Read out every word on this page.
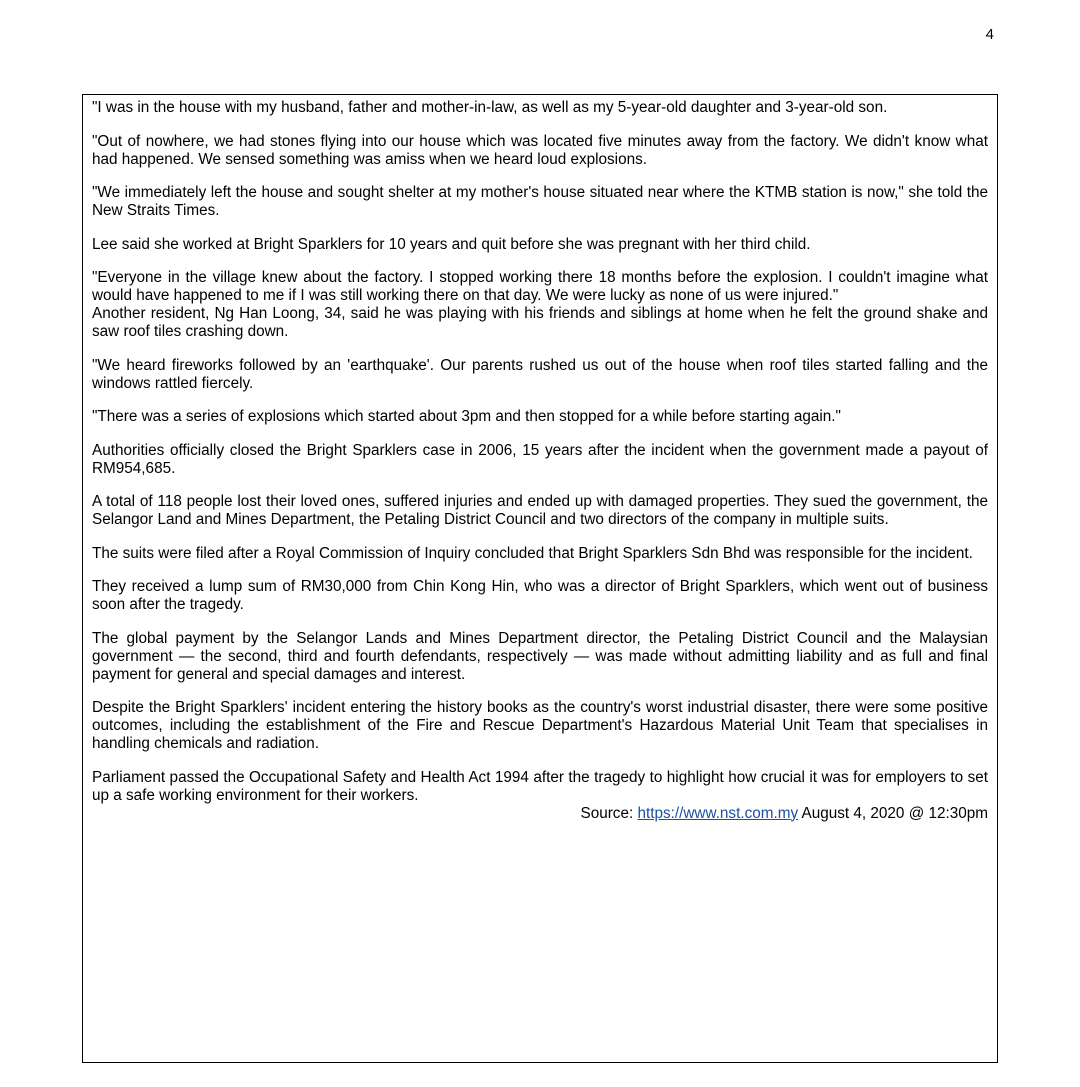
4

"I was in the house with my husband, father and mother-in-law, as well as my 5-year-old daughter and 3-year-old son.

"Out of nowhere, we had stones flying into our house which was located five minutes away from the factory. We didn't know what had happened. We sensed something was amiss when we heard loud explosions.

"We immediately left the house and sought shelter at my mother's house situated near where the KTMB station is now," she told the New Straits Times.

Lee said she worked at Bright Sparklers for 10 years and quit before she was pregnant with her third child.

"Everyone in the village knew about the factory. I stopped working there 18 months before the explosion. I couldn't imagine what would have happened to me if I was still working there on that day. We were lucky as none of us were injured."

Another resident, Ng Han Loong, 34, said he was playing with his friends and siblings at home when he felt the ground shake and saw roof tiles crashing down.

"We heard fireworks followed by an 'earthquake'. Our parents rushed us out of the house when roof tiles started falling and the windows rattled fiercely.

"There was a series of explosions which started about 3pm and then stopped for a while before starting again."

Authorities officially closed the Bright Sparklers case in 2006, 15 years after the incident when the government made a payout of RM954,685.

A total of 118 people lost their loved ones, suffered injuries and ended up with damaged properties. They sued the government, the Selangor Land and Mines Department, the Petaling District Council and two directors of the company in multiple suits.

The suits were filed after a Royal Commission of Inquiry concluded that Bright Sparklers Sdn Bhd was responsible for the incident.

They received a lump sum of RM30,000 from Chin Kong Hin, who was a director of Bright Sparklers, which went out of business soon after the tragedy.

The global payment by the Selangor Lands and Mines Department director, the Petaling District Council and the Malaysian government — the second, third and fourth defendants, respectively — was made without admitting liability and as full and final payment for general and special damages and interest.

Despite the Bright Sparklers' incident entering the history books as the country's worst industrial disaster, there were some positive outcomes, including the establishment of the Fire and Rescue Department's Hazardous Material Unit Team that specialises in handling chemicals and radiation.

Parliament passed the Occupational Safety and Health Act 1994 after the tragedy to highlight how crucial it was for employers to set up a safe working environment for their workers.

Source: https://www.nst.com.my August 4, 2020 @ 12:30pm
